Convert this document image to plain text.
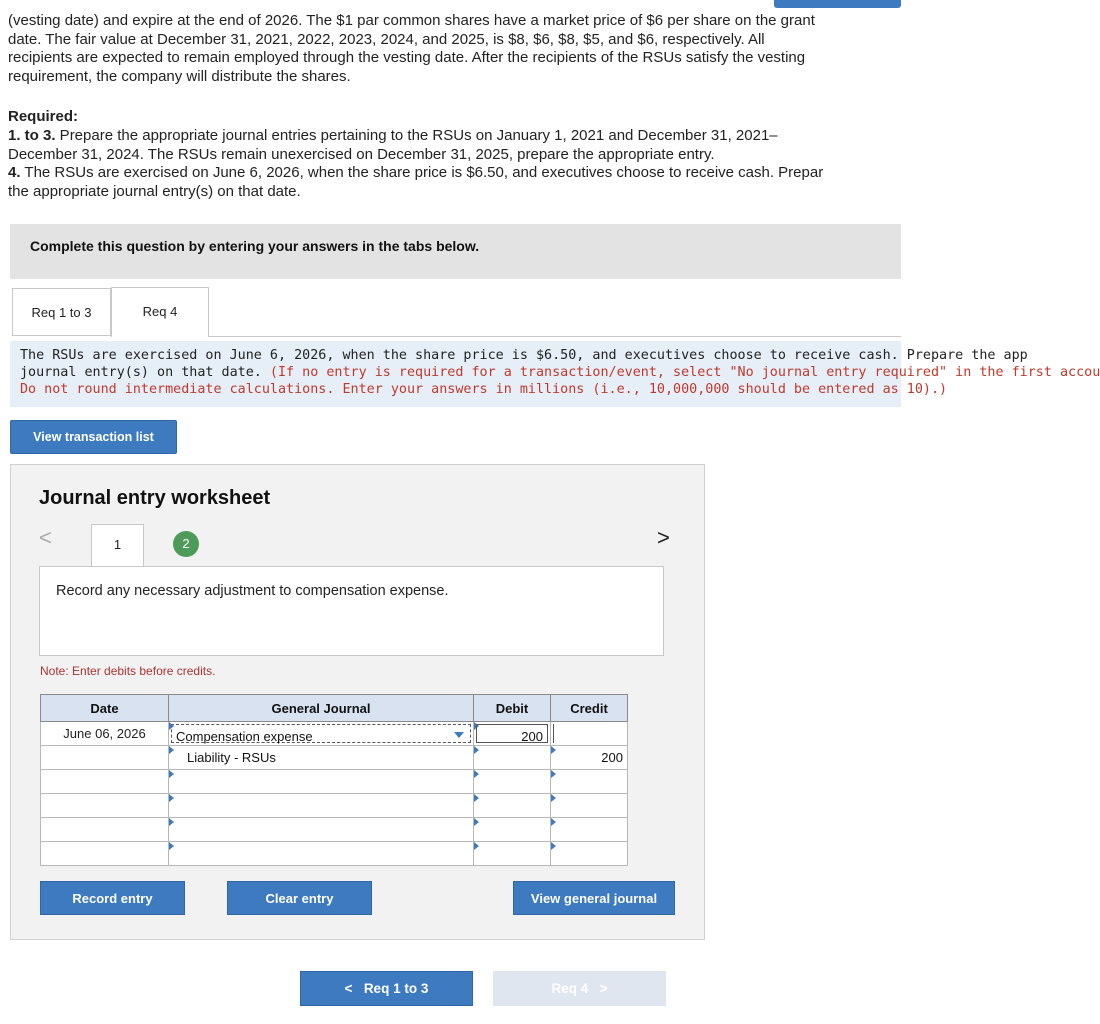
(vesting date) and expire at the end of 2026. The $1 par common shares have a market price of $6 per share on the grant
date. The fair value at December 31, 2021, 2022, 2023, 2024, and 2025, is $8, $6, $8, $5, and $6, respectively. All
recipients are expected to remain employed through the vesting date. After the recipients of the RSUs satisfy the vesting
requirement, the company will distribute the shares.
Required:
1. to 3. Prepare the appropriate journal entries pertaining to the RSUs on January 1, 2021 and December 31, 2021–
December 31, 2024. The RSUs remain unexercised on December 31, 2025, prepare the appropriate entry.
4. The RSUs are exercised on June 6, 2026, when the share price is $6.50, and executives choose to receive cash. Prepar
the appropriate journal entry(s) on that date.
Complete this question by entering your answers in the tabs below.
Req 1 to 3	Req 4
The RSUs are exercised on June 6, 2026, when the share price is $6.50, and executives choose to receive cash. Prepare the app
journal entry(s) on that date. (If no entry is required for a transaction/event, select "No journal entry required" in the first accou
Do not round intermediate calculations. Enter your answers in millions (i.e., 10,000,000 should be entered as 10).)
View transaction list
Journal entry worksheet
<	1	2	>
Record any necessary adjustment to compensation expense.
Note: Enter debits before credits.
Date	General Journal	Debit	Credit
June 06, 2026	Compensation expense	200	

	Liability - RSUs		200

Record entry	Clear entry	View general journal
< Req 1 to 3	Req 4 >
